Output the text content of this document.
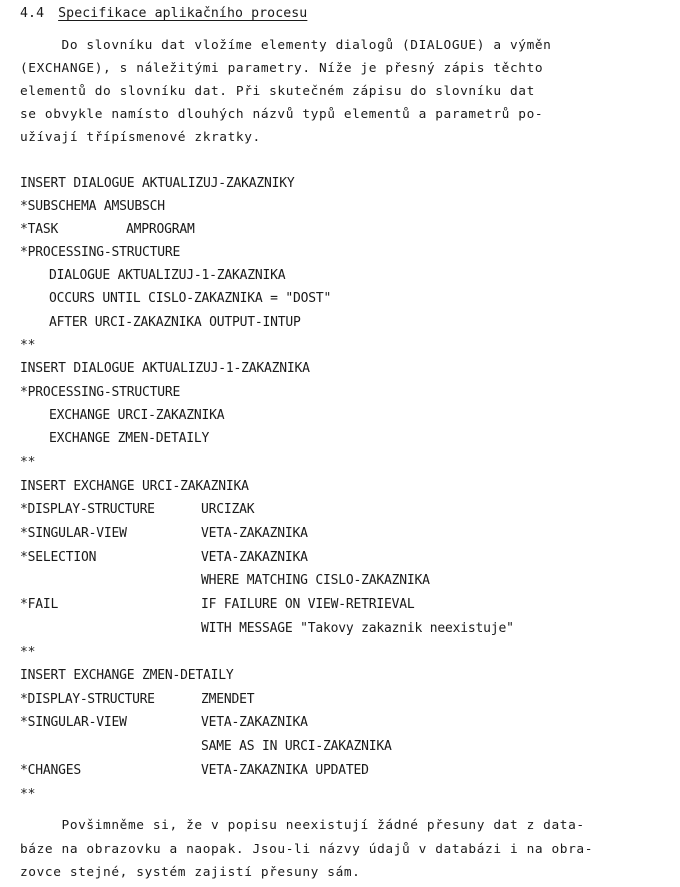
4.4 Specifikace aplikačního procesu
Do slovníku dat vložíme elementy dialogů (DIALOGUE) a výměn
(EXCHANGE), s náležitými parametry. Níže je přesný zápis těchto
elementů do slovníku dat. Při skutečném zápisu do slovníku dat
se obvykle namísto dlouhých názvů typů elementů a parametrů po-
užívají třípísmenové zkratky.
INSERT DIALOGUE AKTUALIZUJ-ZAKAZNIKY
*SUBSCHEMA AMSUBSCH
*TASK	AMPROGRAM
*PROCESSING-STRUCTURE
DIALOGUE AKTUALIZUJ-1-ZAKAZNIKA
OCCURS UNTIL CISLO-ZAKAZNIKA = "DOST"
AFTER URCI-ZAKAZNIKA OUTPUT-INTUP
**
INSERT DIALOGUE AKTUALIZUJ-1-ZAKAZNIKA
*PROCESSING-STRUCTURE
EXCHANGE URCI-ZAKAZNIKA
EXCHANGE ZMEN-DETAILY
**
INSERT EXCHANGE URCI-ZAKAZNIKA
*DISPLAY-STRUCTURE	URCIZAK
*SINGULAR-VIEW	VETA-ZAKAZNIKA
*SELECTION	VETA-ZAKAZNIKA
WHERE MATCHING CISLO-ZAKAZNIKA
*FAIL	IF FAILURE ON VIEW-RETRIEVAL
WITH MESSAGE "Takovy zakaznik neexistuje"
**
INSERT EXCHANGE ZMEN-DETAILY
*DISPLAY-STRUCTURE	ZMENDET
*SINGULAR-VIEW	VETA-ZAKAZNIKA
SAME AS IN URCI-ZAKAZNIKA
*CHANGES	VETA-ZAKAZNIKA UPDATED
**
Povšimněme si, že v popisu neexistují žádné přesuny dat z data-
báze na obrazovku a naopak. Jsou-li názvy údajů v databázi i na obra-
zovce stejné, systém zajistí přesuny sám.
